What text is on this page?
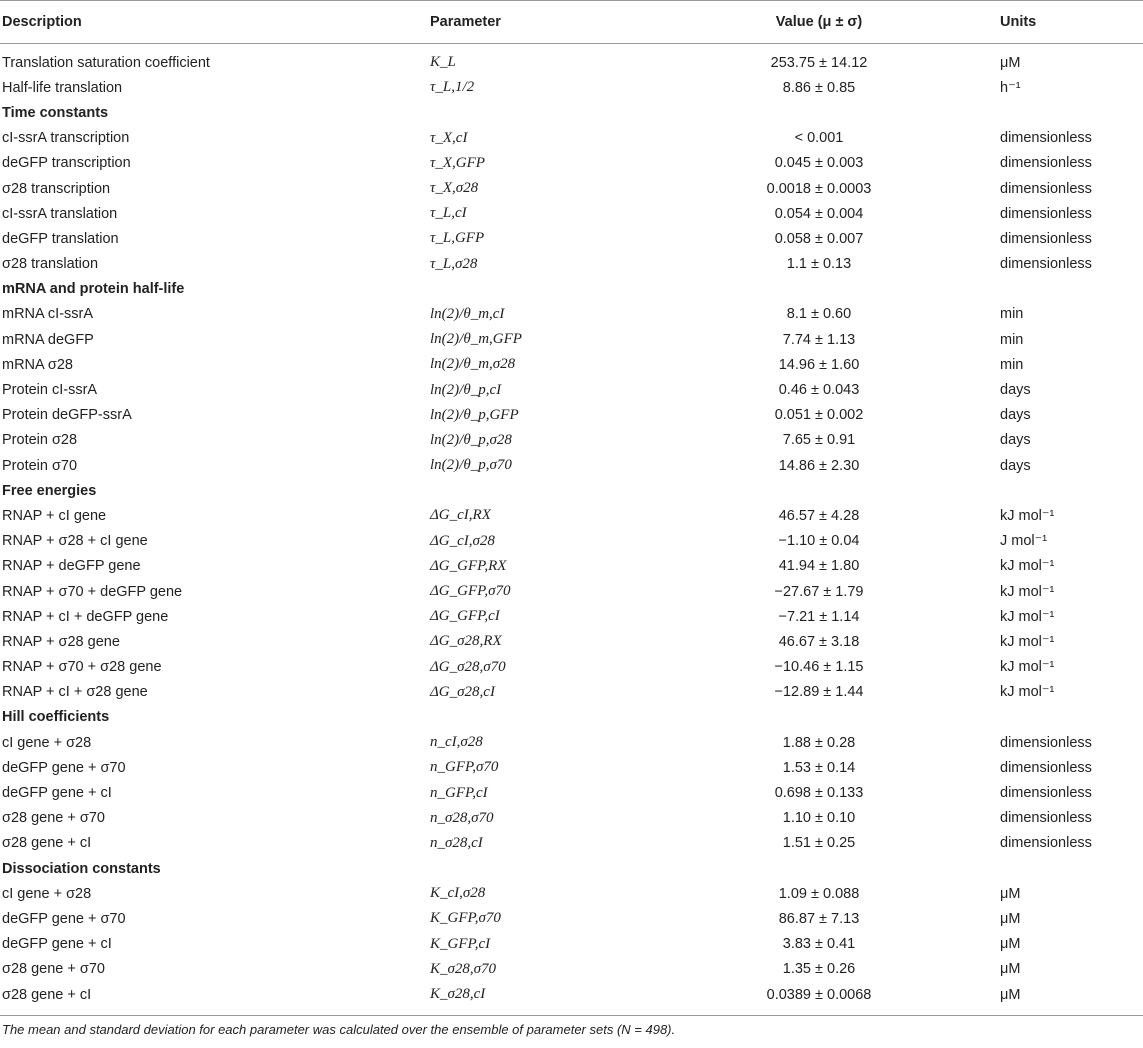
Description	Parameter	Value (μ ± σ)	Units
Translation saturation coefficient	K_L	253.75 ± 14.12	μM
Half-life translation	τ_L,1/2	8.86 ± 0.85	h⁻¹
Time constants			
cI-ssrA transcription	τ_X,cI	< 0.001	dimensionless
deGFP transcription	τ_X,GFP	0.045 ± 0.003	dimensionless
σ28 transcription	τ_X,σ28	0.0018 ± 0.0003	dimensionless
cI-ssrA translation	τ_L,cI	0.054 ± 0.004	dimensionless
deGFP translation	τ_L,GFP	0.058 ± 0.007	dimensionless
σ28 translation	τ_L,σ28	1.1 ± 0.13	dimensionless
mRNA and protein half-life			
mRNA cI-ssrA	ln(2)/θ_m,cI	8.1 ± 0.60	min
mRNA deGFP	ln(2)/θ_m,GFP	7.74 ± 1.13	min
mRNA σ28	ln(2)/θ_m,σ28	14.96 ± 1.60	min
Protein cI-ssrA	ln(2)/θ_p,cI	0.46 ± 0.043	days
Protein deGFP-ssrA	ln(2)/θ_p,GFP	0.051 ± 0.002	days
Protein σ28	ln(2)/θ_p,σ28	7.65 ± 0.91	days
Protein σ70	ln(2)/θ_p,σ70	14.86 ± 2.30	days
Free energies			
RNAP + cI gene	ΔG_cI,RX	46.57 ± 4.28	kJ mol⁻¹
RNAP + σ28 + cI gene	ΔG_cI,σ28	−1.10 ± 0.04	J mol⁻¹
RNAP + deGFP gene	ΔG_GFP,RX	41.94 ± 1.80	kJ mol⁻¹
RNAP + σ70 + deGFP gene	ΔG_GFP,σ70	−27.67 ± 1.79	kJ mol⁻¹
RNAP + cI + deGFP gene	ΔG_GFP,cI	−7.21 ± 1.14	kJ mol⁻¹
RNAP + σ28 gene	ΔG_σ28,RX	46.67 ± 3.18	kJ mol⁻¹
RNAP + σ70 + σ28 gene	ΔG_σ28,σ70	−10.46 ± 1.15	kJ mol⁻¹
RNAP + cI + σ28 gene	ΔG_σ28,cI	−12.89 ± 1.44	kJ mol⁻¹
Hill coefficients			
cI gene + σ28	n_cI,σ28	1.88 ± 0.28	dimensionless
deGFP gene + σ70	n_GFP,σ70	1.53 ± 0.14	dimensionless
deGFP gene + cI	n_GFP,cI	0.698 ± 0.133	dimensionless
σ28 gene + σ70	n_σ28,σ70	1.10 ± 0.10	dimensionless
σ28 gene + cI	n_σ28,cI	1.51 ± 0.25	dimensionless
Dissociation constants			
cI gene + σ28	K_cI,σ28	1.09 ± 0.088	μM
deGFP gene + σ70	K_GFP,σ70	86.87 ± 7.13	μM
deGFP gene + cI	K_GFP,cI	3.83 ± 0.41	μM
σ28 gene + σ70	K_σ28,σ70	1.35 ± 0.26	μM
σ28 gene + cI	K_σ28,cI	0.0389 ± 0.0068	μM
The mean and standard deviation for each parameter was calculated over the ensemble of parameter sets (N = 498).
